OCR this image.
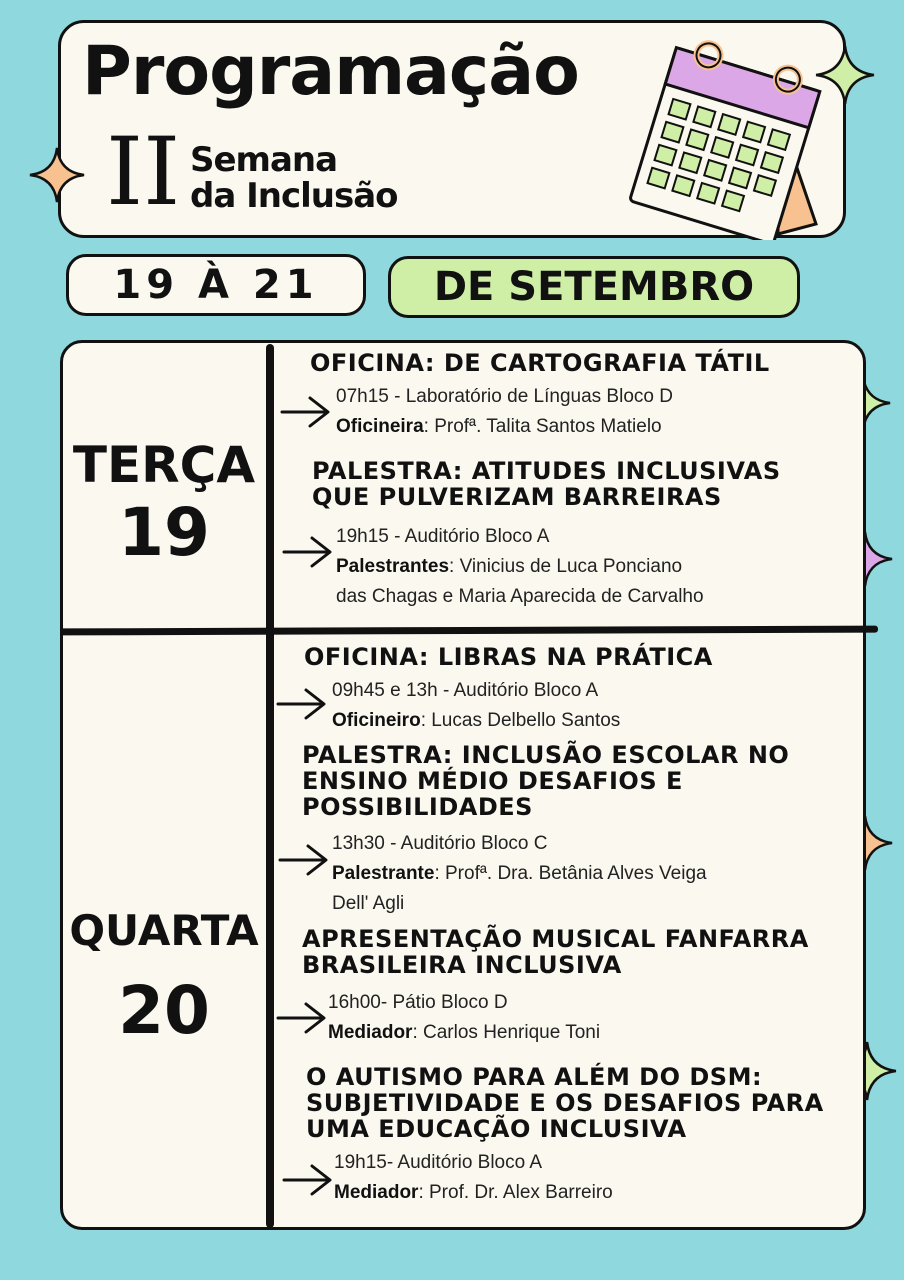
Programação
II Semana
da Inclusão
19 À 21	DE SETEMBRO
TERÇA
19
QUARTA
20
OFICINA: DE CARTOGRAFIA TÁTIL
07h15 - Laboratório de Línguas Bloco D
Oficineira: Profª. Talita Santos Matielo
PALESTRA: ATITUDES INCLUSIVAS
QUE PULVERIZAM BARREIRAS
19h15 - Auditório Bloco A
Palestrantes: Vinicius de Luca Ponciano
das Chagas e Maria Aparecida de Carvalho
OFICINA: LIBRAS NA PRÁTICA
09h45 e 13h - Auditório Bloco A
Oficineiro: Lucas Delbello Santos
PALESTRA: INCLUSÃO ESCOLAR NO
ENSINO MÉDIO DESAFIOS E
POSSIBILIDADES
13h30 - Auditório Bloco C
Palestrante: Profª. Dra. Betânia Alves Veiga
Dell' Agli
APRESENTAÇÃO MUSICAL FANFARRA
BRASILEIRA INCLUSIVA
16h00- Pátio Bloco D
Mediador: Carlos Henrique Toni
O AUTISMO PARA ALÉM DO DSM:
SUBJETIVIDADE E OS DESAFIOS PARA
UMA EDUCAÇÃO INCLUSIVA
19h15- Auditório Bloco A
Mediador: Prof. Dr. Alex Barreiro
